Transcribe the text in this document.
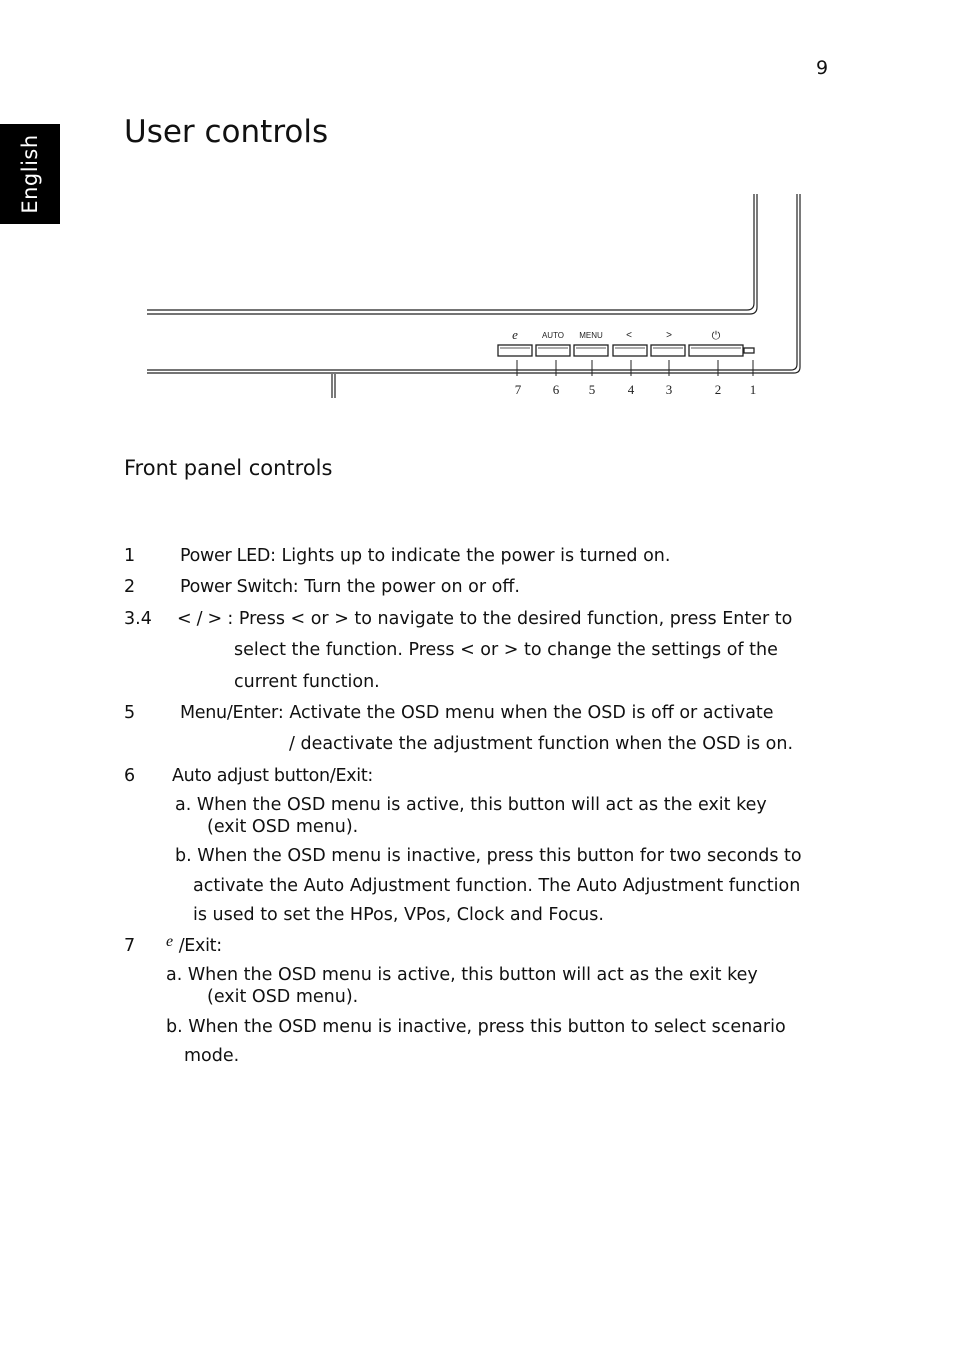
English
9
User controls
e	AUTO MENU <	>	⏻
7 6 5	4 3	2 1
Front panel controls
1	Power LED: Lights up to indicate the power is turned on.
2	Power Switch: Turn the power on or off.
3.4 < / > : Press < or > to navigate to the desired function, press Enter to
select the function. Press < or > to change the settings of the
current function.
5	Menu/Enter: Activate the OSD menu when the OSD is off or activate
/ deactivate the adjustment function when the OSD is on.
6 Auto adjust button/Exit:
a. When the OSD menu is active, this button will act as the exit key
(exit OSD menu).
b. When the OSD menu is inactive, press this button for two seconds to
activate the Auto Adjustment function. The Auto Adjustment function
is used to set the HPos, VPos, Clock and Focus.
7 e /Exit:
a. When the OSD menu is active, this button will act as the exit key
(exit OSD menu).
b. When the OSD menu is inactive, press this button to select scenario
mode.
